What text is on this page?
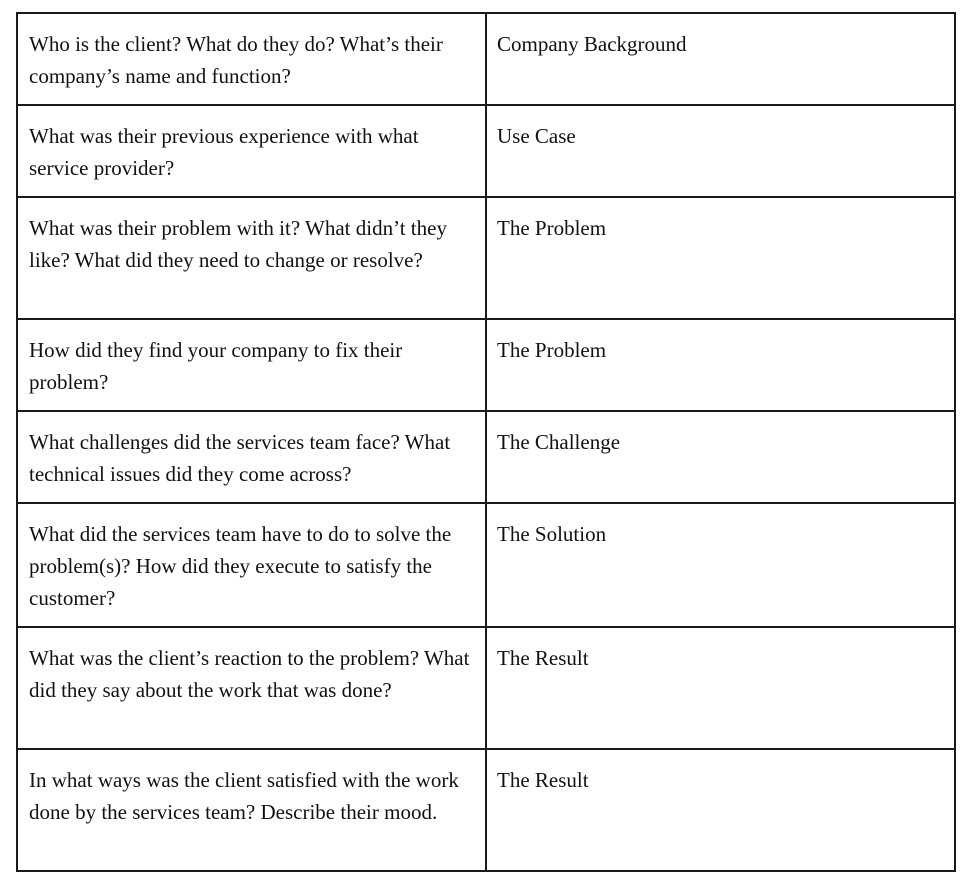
Who is the client? What do they do? What’s their company’s name and function?	Company Background
What was their previous experience with what service provider?	Use Case
What was their problem with it? What didn’t they like? What did they need to change or resolve?	The Problem
How did they find your company to fix their problem?	The Problem
What challenges did the services team face? What technical issues did they come across?	The Challenge
What did the services team have to do to solve the problem(s)? How did they execute to satisfy the customer?	The Solution
What was the client’s reaction to the problem? What did they say about the work that was done?	The Result
In what ways was the client satisfied with the work done by the services team? Describe their mood.	The Result
